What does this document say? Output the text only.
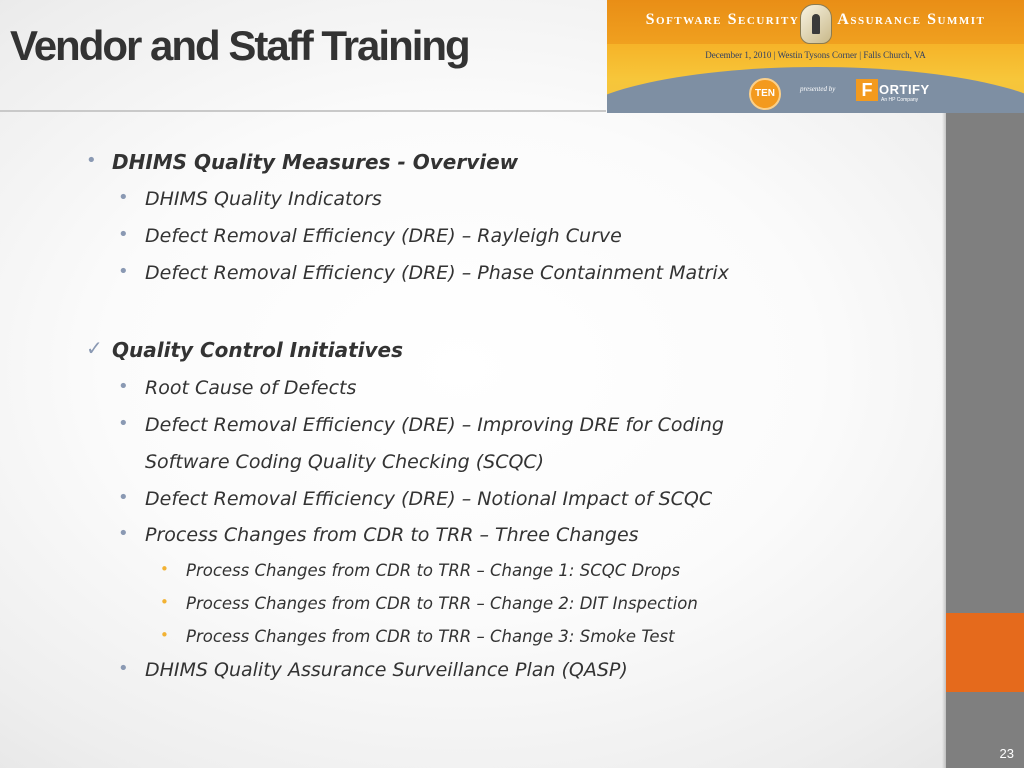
Vendor and Staff Training
Software Security Assurance Summit
December 1, 2010 | Westin Tysons Corner | Falls Church, VA
TEN	presented by	F ORTIFY
An HP Company
23

• DHIMS Quality Measures - Overview

• DHIMS Quality Indicators

• Defect Removal Efficiency (DRE) – Rayleigh Curve

• Defect Removal Efficiency (DRE) – Phase Containment Matrix

✓ Quality Control Initiatives

• Root Cause of Defects

• Defect Removal Efficiency (DRE) – Improving DRE for Coding

Software Coding Quality Checking (SCQC)

• Defect Removal Efficiency (DRE) – Notional Impact of SCQC

• Process Changes from CDR to TRR – Three Changes

• Process Changes from CDR to TRR – Change 1: SCQC Drops

• Process Changes from CDR to TRR – Change 2: DIT Inspection

• Process Changes from CDR to TRR – Change 3: Smoke Test

• DHIMS Quality Assurance Surveillance Plan (QASP)
